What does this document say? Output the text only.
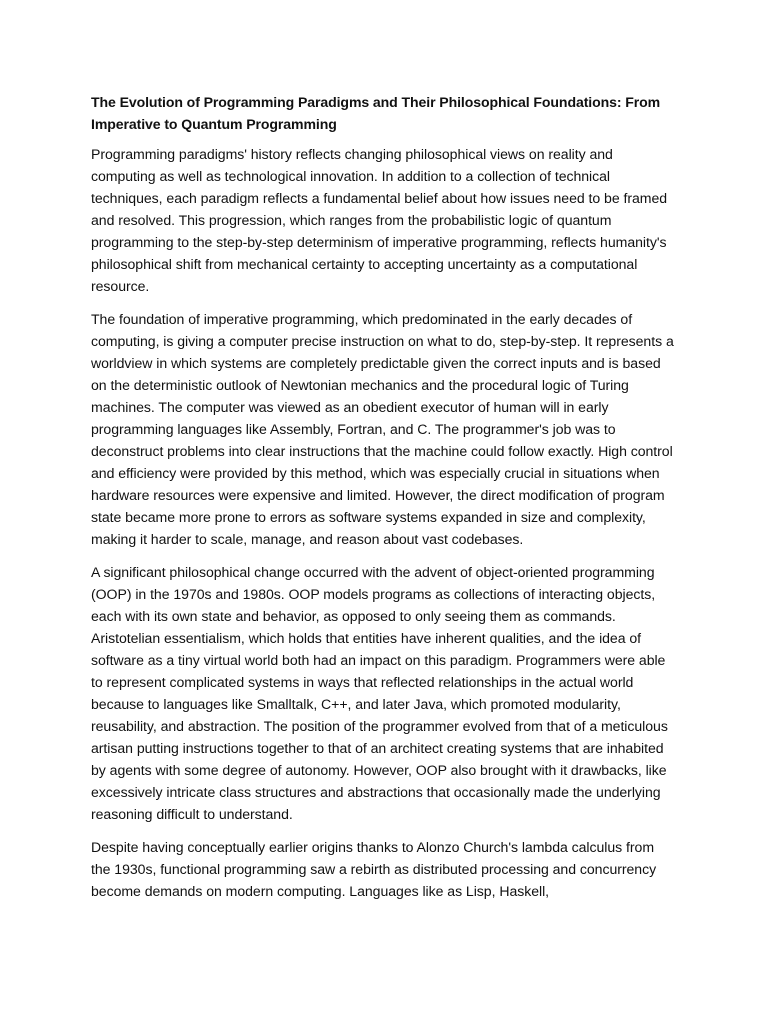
The Evolution of Programming Paradigms and Their Philosophical Foundations: From Imperative to Quantum Programming

Programming paradigms' history reflects changing philosophical views on reality and computing as well as technological innovation. In addition to a collection of technical techniques, each paradigm reflects a fundamental belief about how issues need to be framed and resolved. This progression, which ranges from the probabilistic logic of quantum programming to the step-by-step determinism of imperative programming, reflects humanity's philosophical shift from mechanical certainty to accepting uncertainty as a computational resource.

The foundation of imperative programming, which predominated in the early decades of computing, is giving a computer precise instruction on what to do, step-by-step. It represents a worldview in which systems are completely predictable given the correct inputs and is based on the deterministic outlook of Newtonian mechanics and the procedural logic of Turing machines. The computer was viewed as an obedient executor of human will in early programming languages like Assembly, Fortran, and C. The programmer's job was to deconstruct problems into clear instructions that the machine could follow exactly. High control and efficiency were provided by this method, which was especially crucial in situations when hardware resources were expensive and limited. However, the direct modification of program state became more prone to errors as software systems expanded in size and complexity, making it harder to scale, manage, and reason about vast codebases.

A significant philosophical change occurred with the advent of object-oriented programming (OOP) in the 1970s and 1980s. OOP models programs as collections of interacting objects, each with its own state and behavior, as opposed to only seeing them as commands. Aristotelian essentialism, which holds that entities have inherent qualities, and the idea of software as a tiny virtual world both had an impact on this paradigm. Programmers were able to represent complicated systems in ways that reflected relationships in the actual world because to languages like Smalltalk, C++, and later Java, which promoted modularity, reusability, and abstraction. The position of the programmer evolved from that of a meticulous artisan putting instructions together to that of an architect creating systems that are inhabited by agents with some degree of autonomy. However, OOP also brought with it drawbacks, like excessively intricate class structures and abstractions that occasionally made the underlying reasoning difficult to understand.

Despite having conceptually earlier origins thanks to Alonzo Church's lambda calculus from the 1930s, functional programming saw a rebirth as distributed processing and concurrency become demands on modern computing. Languages like as Lisp, Haskell,
